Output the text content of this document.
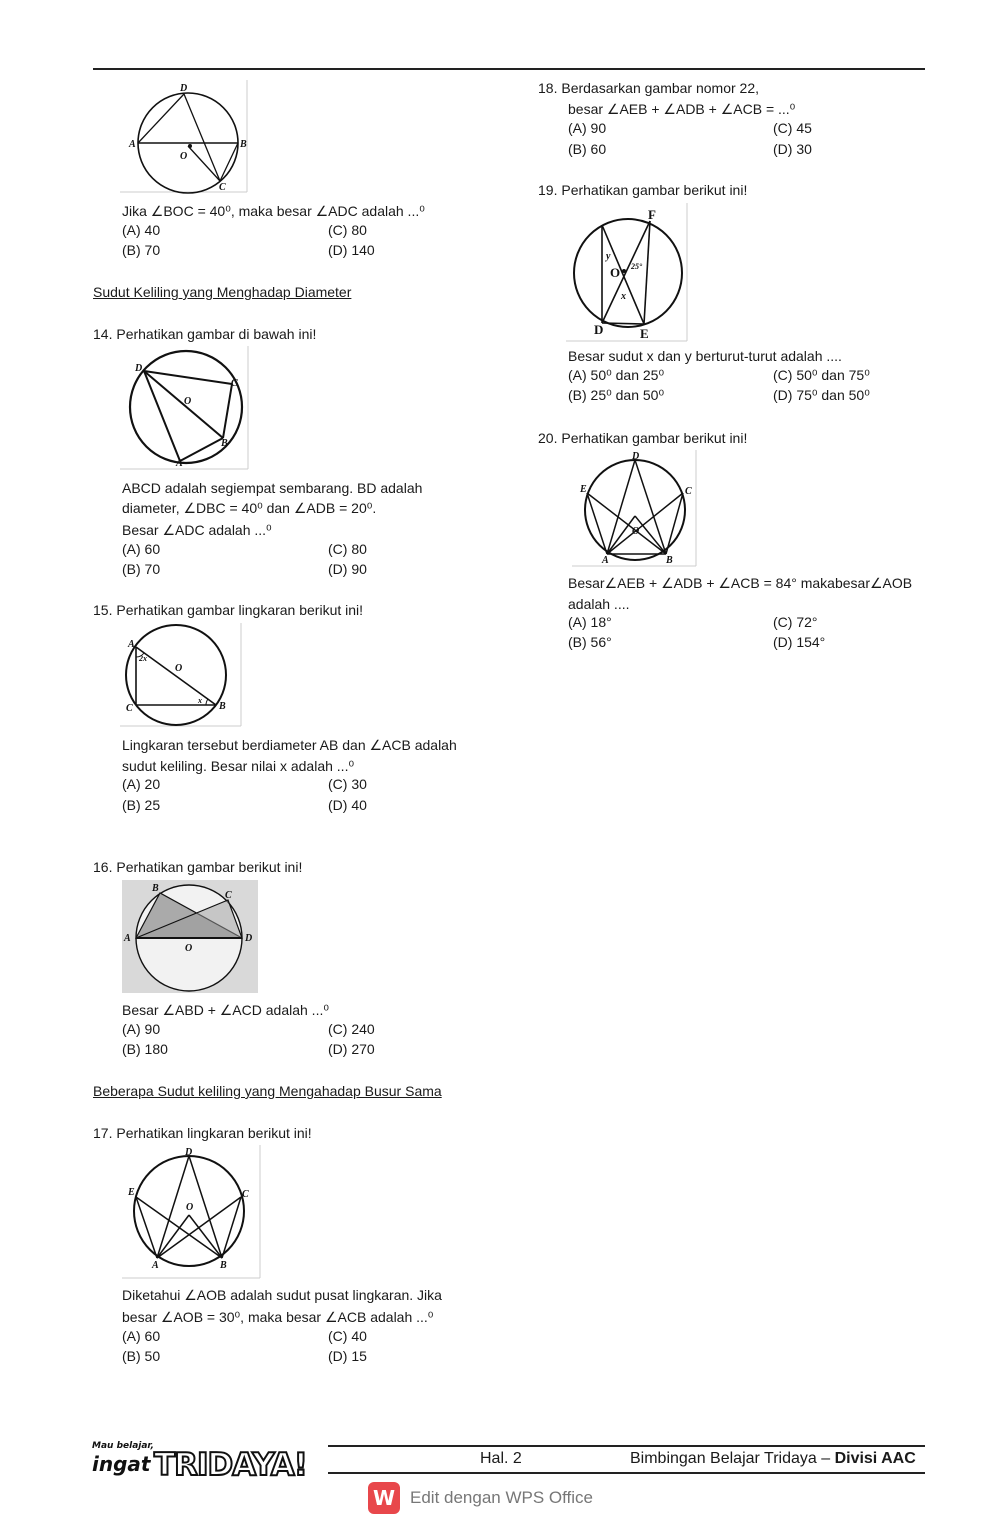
D
A	B
O
C
Jika ∠BOC = 40⁰, maka besar ∠ADC adalah ...⁰
(A) 40	(C) 80
(B) 70	(D) 140
Sudut Keliling yang Menghadap Diameter
14. Perhatikan gambar di bawah ini!
D
C
O
B
A
ABCD adalah segiempat sembarang. BD adalah
diameter, ∠DBC = 40⁰ dan ∠ADB = 20⁰.
Besar ∠ADC adalah ...⁰
(A) 60	(C) 80
(B) 70	(D) 90
15. Perhatikan gambar lingkaran berikut ini!
A
2x
O
C
x
B
Lingkaran tersebut berdiameter AB dan ∠ACB adalah
sudut keliling. Besar nilai x adalah ...⁰
(A) 20	(C) 30
(B) 25	(D) 40
16. Perhatikan gambar berikut ini!
B
C
A	D
O
Besar ∠ABD + ∠ACD adalah ...⁰
(A) 90	(C) 240
(B) 180	(D) 270
Beberapa Sudut keliling yang Mengahadap Busur Sama
17. Perhatikan lingkaran berikut ini!
D
E	C
O
A	B
Diketahui ∠AOB adalah sudut pusat lingkaran. Jika
besar ∠AOB = 30⁰, maka besar ∠ACB adalah ...⁰
(A) 60	(C) 40
(B) 50	(D) 15
18. Berdasarkan gambar nomor 22,
besar ∠AEB + ∠ADB + ∠ACB = ...⁰
(A) 90	(C) 45
(B) 60	(D) 30
19. Perhatikan gambar berikut ini!
F
O
y
25°
x
D	E
Besar sudut x dan y berturut-turut adalah ....
(A) 50⁰ dan 25⁰	(C) 50⁰ dan 75⁰
(B) 25⁰ dan 50⁰	(D) 75⁰ dan 50⁰
20. Perhatikan gambar berikut ini!
D
E	C
O
A	B
Besar∠AEB + ∠ADB + ∠ACB = 84° makabesar∠AOB
adalah ....
(A) 18°	(C) 72°
(B) 56°	(D) 154°
Mau belajar,
ingat TRIDAYA!	Hal. 2	Bimbingan Belajar Tridaya – Divisi AAC
W Edit dengan WPS Office
